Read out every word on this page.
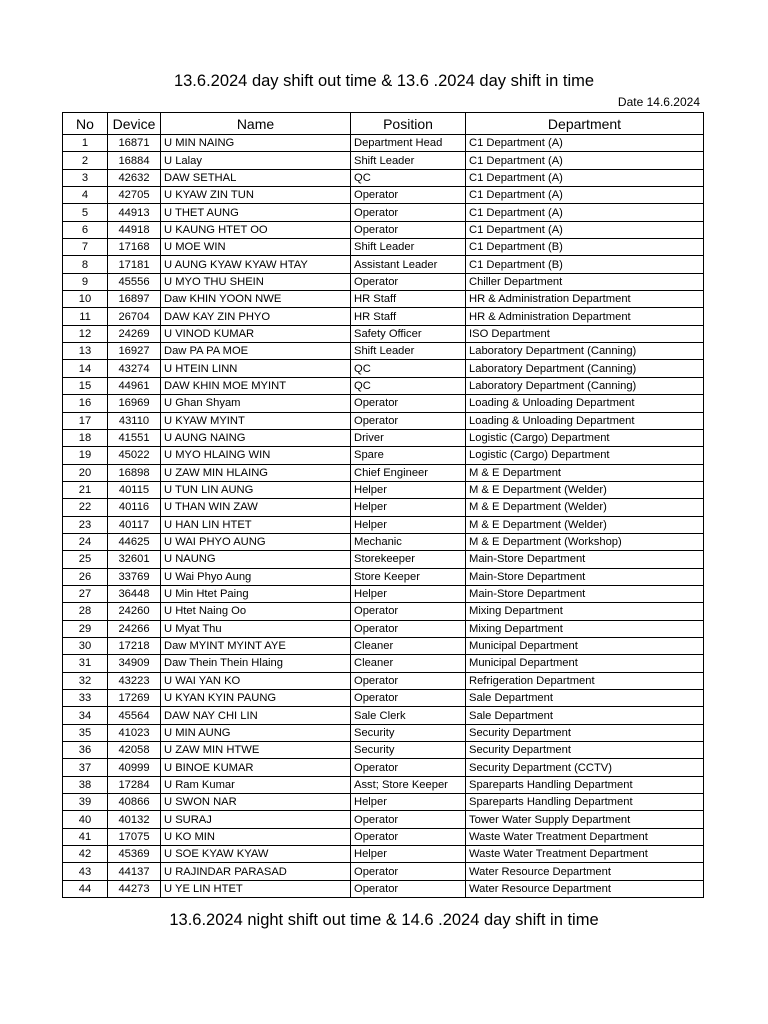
13.6.2024 day shift out time & 13.6 .2024 day shift in time
Date 14.6.2024
No	Device	Name	Position	Department
1	16871	U MIN NAING	Department Head	C1 Department (A)
2	16884	U Lalay	Shift Leader	C1 Department (A)
3	42632	DAW SETHAL	QC	C1 Department (A)
4	42705	U KYAW ZIN TUN	Operator	C1 Department (A)
5	44913	U THET AUNG	Operator	C1 Department (A)
6	44918	U KAUNG HTET OO	Operator	C1 Department (A)
7	17168	U MOE WIN	Shift Leader	C1 Department (B)
8	17181	U AUNG KYAW KYAW HTAY	Assistant Leader	C1 Department (B)
9	45556	U MYO THU SHEIN	Operator	Chiller Department
10	16897	Daw KHIN YOON NWE	HR Staff	HR & Administration Department
11	26704	DAW KAY ZIN PHYO	HR Staff	HR & Administration Department
12	24269	U VINOD KUMAR	Safety Officer	ISO Department
13	16927	Daw PA PA MOE	Shift Leader	Laboratory Department (Canning)
14	43274	U HTEIN LINN	QC	Laboratory Department (Canning)
15	44961	DAW KHIN MOE MYINT	QC	Laboratory Department (Canning)
16	16969	U Ghan Shyam	Operator	Loading & Unloading Department
17	43110	U KYAW MYINT	Operator	Loading & Unloading Department
18	41551	U AUNG NAING	Driver	Logistic (Cargo) Department
19	45022	U MYO HLAING WIN	Spare	Logistic (Cargo) Department
20	16898	U ZAW MIN HLAING	Chief Engineer	M & E Department
21	40115	U TUN LIN AUNG	Helper	M & E Department (Welder)
22	40116	U THAN WIN ZAW	Helper	M & E Department (Welder)
23	40117	U HAN LIN HTET	Helper	M & E Department (Welder)
24	44625	U WAI PHYO AUNG	Mechanic	M & E Department (Workshop)
25	32601	U NAUNG	Storekeeper	Main-Store Department
26	33769	U Wai Phyo Aung	Store Keeper	Main-Store Department
27	36448	U Min Htet Paing	Helper	Main-Store Department
28	24260	U Htet Naing Oo	Operator	Mixing Department
29	24266	U Myat Thu	Operator	Mixing Department
30	17218	Daw MYINT MYINT AYE	Cleaner	Municipal Department
31	34909	Daw Thein Thein Hlaing	Cleaner	Municipal Department
32	43223	U WAI YAN KO	Operator	Refrigeration Department
33	17269	U KYAN KYIN PAUNG	Operator	Sale Department
34	45564	DAW NAY CHI LIN	Sale Clerk	Sale Department
35	41023	U MIN AUNG	Security	Security Department
36	42058	U ZAW MIN HTWE	Security	Security Department
37	40999	U BINOE KUMAR	Operator	Security Department (CCTV)
38	17284	U Ram Kumar	Asst; Store Keeper	Spareparts Handling Department
39	40866	U SWON NAR	Helper	Spareparts Handling Department
40	40132	U SURAJ	Operator	Tower Water Supply Department
41	17075	U KO MIN	Operator	Waste Water Treatment Department
42	45369	U SOE KYAW KYAW	Helper	Waste Water Treatment Department
43	44137	U RAJINDAR PARASAD	Operator	Water Resource Department
44	44273	U YE LIN HTET	Operator	Water Resource Department
13.6.2024 night shift out time & 14.6 .2024 day shift in time
